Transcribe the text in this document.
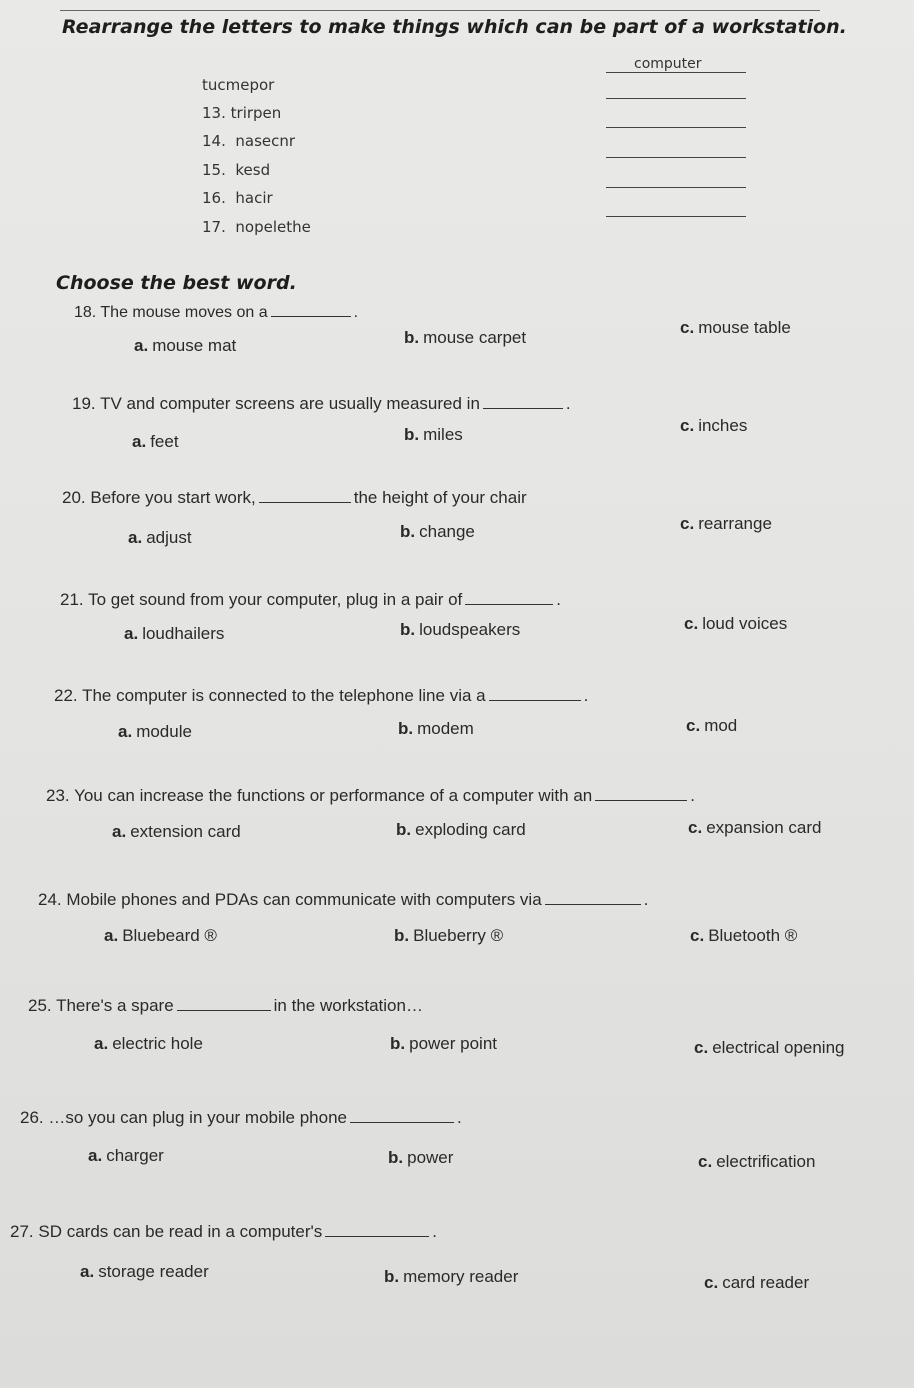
Rearrange the letters to make things which can be part of a workstation.
tucmepor
computer
13. trirpen
14. nasecnr
15. kesd
16. hacir
17. nopelethe
Choose the best word.
18. The mouse moves on a	.
a. mouse mat	b. mouse carpet
c. mouse table
19. TV and computer screens are usually measured in	.
a. feet	b. miles	c. inches
20. Before you start work,	the height of your chair
a. adjust	b. change	c. rearrange
21. To get sound from your computer, plug in a pair of	.
a. loudhailers	b. loudspeakers	c. loud voices
22. The computer is connected to the telephone line via a	.
a. module	b. modem	c. mod
23. You can increase the functions or performance of a computer with an	.
a. extension card	b. exploding card	c. expansion card
24. Mobile phones and PDAs can communicate with computers via	.
a. Bluebeard ®	b. Blueberry ®	c. Bluetooth ®
25. There's a spare	in the workstation…
a. electric hole	b. power point	c. electrical opening
26. …so you can plug in your mobile phone	.
a. charger	b. power	c. electrification
27. SD cards can be read in a computer's	.
a. storage reader	b. memory reader	c. card reader
